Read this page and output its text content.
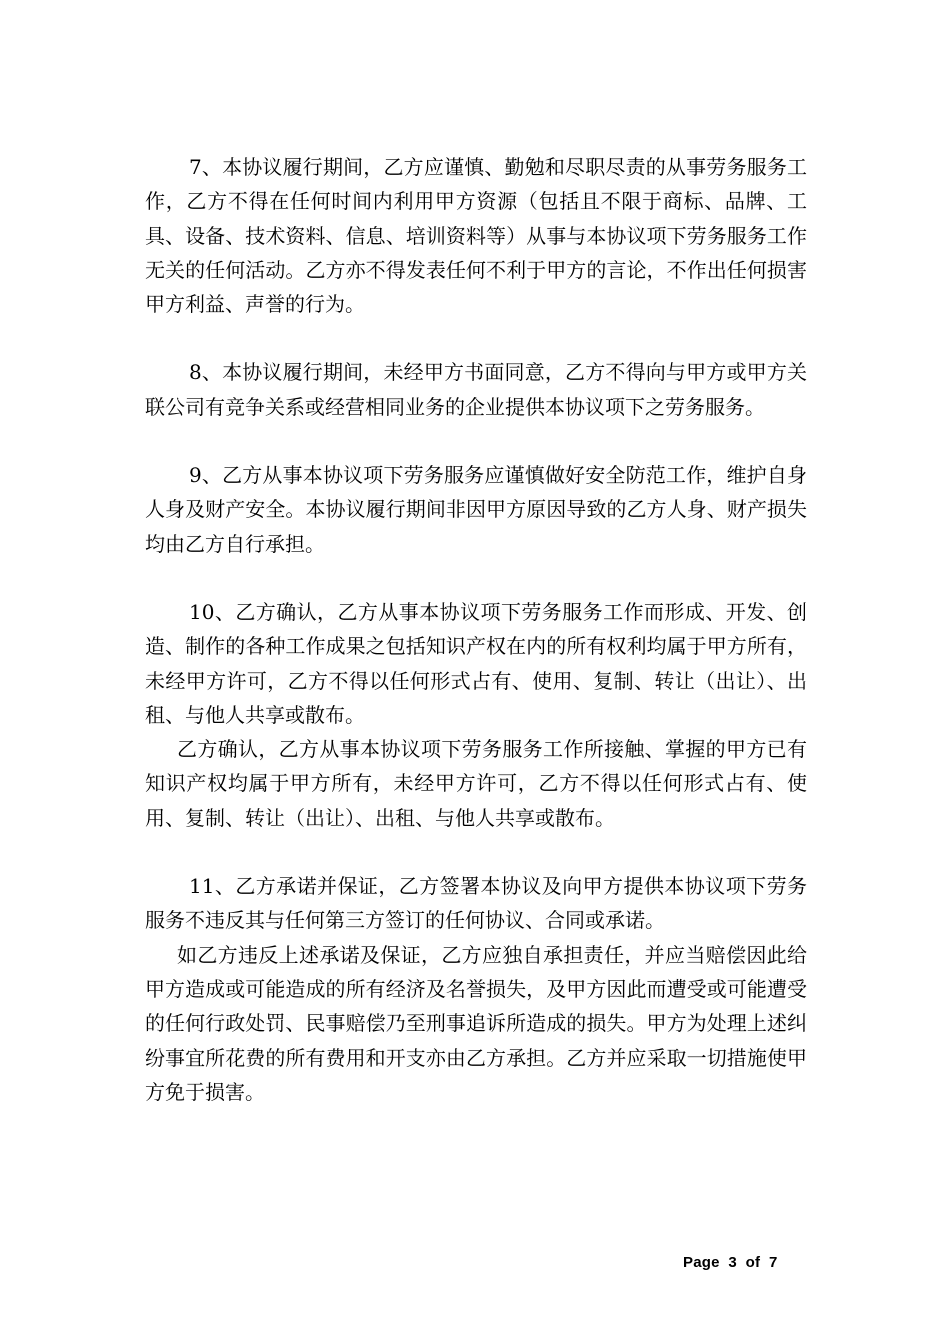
7、本协议履行期间，乙方应谨慎、勤勉和尽职尽责的从事劳务服务工作，乙方不得在任何时间内利用甲方资源（包括且不限于商标、品牌、工具、设备、技术资料、信息、培训资料等）从事与本协议项下劳务服务工作无关的任何活动。乙方亦不得发表任何不利于甲方的言论，不作出任何损害甲方利益、声誉的行为。

8、本协议履行期间，未经甲方书面同意，乙方不得向与甲方或甲方关联公司有竞争关系或经营相同业务的企业提供本协议项下之劳务服务。

9、乙方从事本协议项下劳务服务应谨慎做好安全防范工作，维护自身人身及财产安全。本协议履行期间非因甲方原因导致的乙方人身、财产损失均由乙方自行承担。

10、乙方确认，乙方从事本协议项下劳务服务工作而形成、开发、创造、制作的各种工作成果之包括知识产权在内的所有权利均属于甲方所有，未经甲方许可，乙方不得以任何形式占有、使用、复制、转让（出让）、出租、与他人共享或散布。

乙方确认，乙方从事本协议项下劳务服务工作所接触、掌握的甲方已有知识产权均属于甲方所有，未经甲方许可，乙方不得以任何形式占有、使用、复制、转让（出让）、出租、与他人共享或散布。

11、乙方承诺并保证，乙方签署本协议及向甲方提供本协议项下劳务服务不违反其与任何第三方签订的任何协议、合同或承诺。

如乙方违反上述承诺及保证，乙方应独自承担责任，并应当赔偿因此给甲方造成或可能造成的所有经济及名誉损失，及甲方因此而遭受或可能遭受的任何行政处罚、民事赔偿乃至刑事追诉所造成的损失。甲方为处理上述纠纷事宜所花费的所有费用和开支亦由乙方承担。乙方并应采取一切措施使甲方免于损害。

Page  3  of  7
